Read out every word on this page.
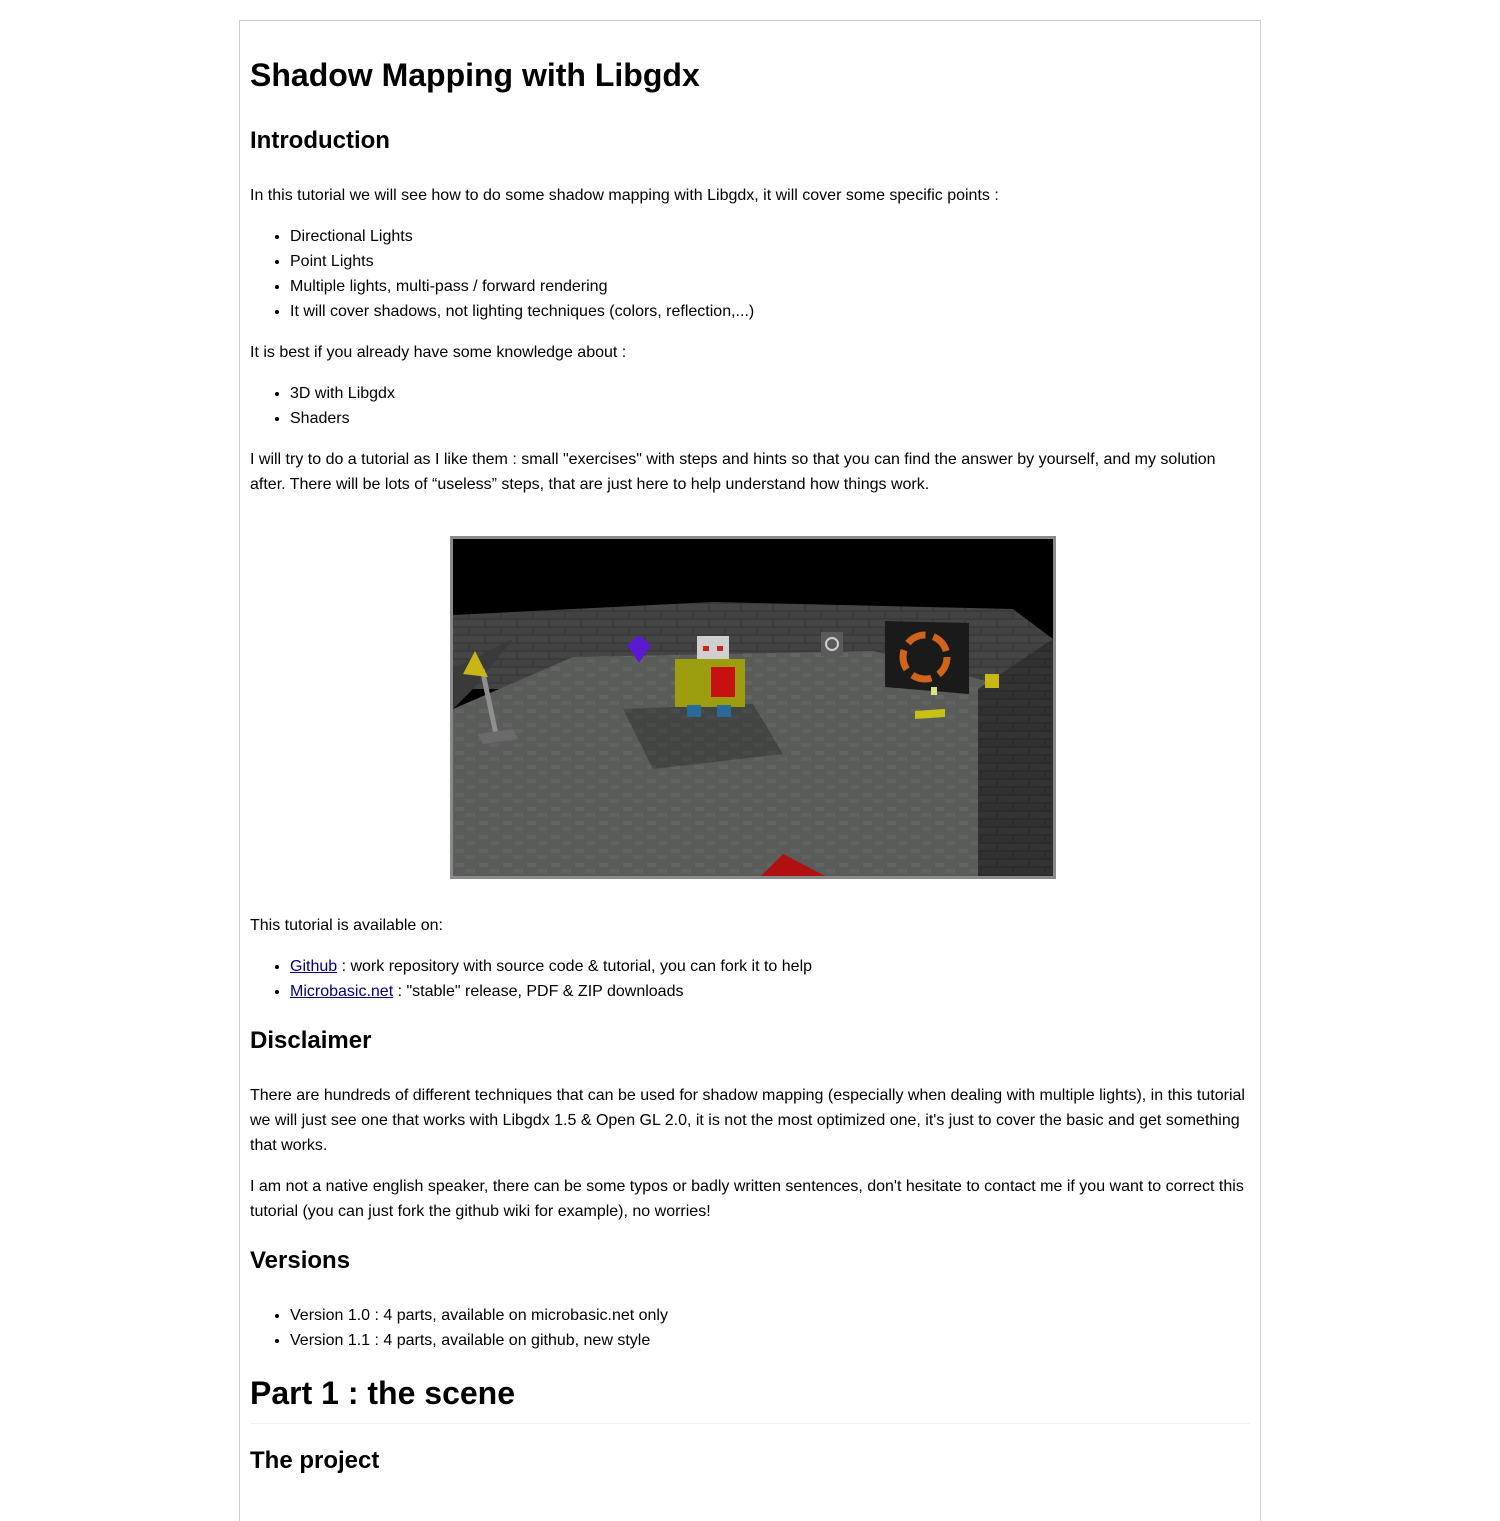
Shadow Mapping with Libgdx
Introduction

In this tutorial we will see how to do some shadow mapping with Libgdx, it will cover some specific points :

• Directional Lights
• Point Lights
• Multiple lights, multi-pass / forward rendering
• It will cover shadows, not lighting techniques (colors, reflection,...)

It is best if you already have some knowledge about :

• 3D with Libgdx
• Shaders

I will try to do a tutorial as I like them : small "exercises" with steps and hints so that you can find the answer by yourself, and my solution after. There will be lots of “useless” steps, that are just here to help understand how things work.

This tutorial is available on:

• Github : work repository with source code & tutorial, you can fork it to help
• Microbasic.net : "stable" release, PDF & ZIP downloads
Disclaimer

There are hundreds of different techniques that can be used for shadow mapping (especially when dealing with multiple lights), in this tutorial we will just see one that works with Libgdx 1.5 & Open GL 2.0, it is not the most optimized one, it's just to cover the basic and get something that works.

I am not a native english speaker, there can be some typos or badly written sentences, don't hesitate to contact me if you want to correct this tutorial (you can just fork the github wiki for example), no worries!

Versions
• Version 1.0 : 4 parts, available on microbasic.net only
• Version 1.1 : 4 parts, available on github, new style
Part 1 : the scene
The project
